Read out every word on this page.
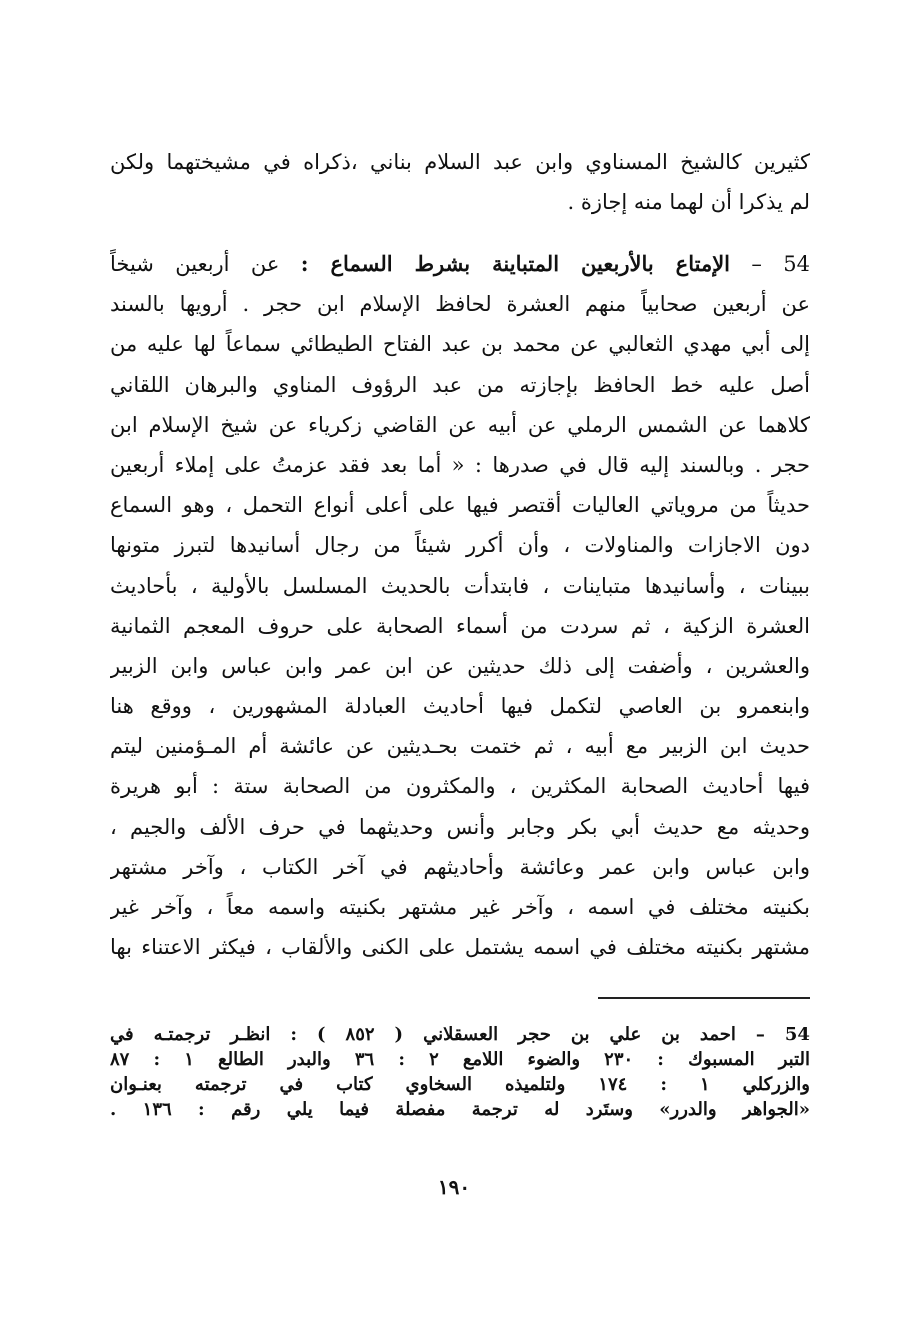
كثيرين كالشيخ المسناوي وابن عبد السلام بناني ،ذكراه في مشيختهما ولكن
لم يذكرا أن لهما منه إجازة .
54 – الإمتاع بالأربعين المتباينة بشرط السماع : عن أربعين شيخاً
عن أربعين صحابياً منهم العشرة لحافظ الإسلام ابن حجر . أرويها بالسند
إلى أبي مهدي الثعالبي عن محمد بن عبد الفتاح الطيطائي سماعاً لها عليه من
أصل عليه خط الحافظ بإجازته من عبد الرؤوف المناوي والبرهان اللقاني
كلاهما عن الشمس الرملي عن أبيه عن القاضي زكرياء عن شيخ الإسلام ابن
حجر . وبالسند إليه قال في صدرها : « أما بعد فقد عزمتُ على إملاء أربعين
حديثاً من مروياتي العاليات أقتصر فيها على أعلى أنواع التحمل ، وهو السماع
دون الاجازات والمناولات ، وأن أكرر شيئاً من رجال أسانيدها لتبرز متونها
ببينات ، وأسانيدها متباينات ، فابتدأت بالحديث المسلسل بالأولية ، بأحاديث
العشرة الزكية ، ثم سردت من أسماء الصحابة على حروف المعجم الثمانية
والعشرين ، وأضفت إلى ذلك حديثين عن ابن عمر وابن عباس وابن الزبير
وابنعمرو بن العاصي لتكمل فيها أحاديث العبادلة المشهورين ، ووقع هنا
حديث ابن الزبير مع أبيه ، ثم ختمت بحـديثين عن عائشة أم المـؤمنين ليتم
فيها أحاديث الصحابة المكثرين ، والمكثرون من الصحابة ستة : أبو هريرة
وحديثه مع حديث أبي بكر وجابر وأنس وحديثهما في حرف الألف والجيم ،
وابن عباس وابن عمر وعائشة وأحاديثهم في آخر الكتاب ، وآخر مشتهر
بكنيته مختلف في اسمه ، وآخر غير مشتهر بكنيته واسمه معاً ، وآخر غير
مشتهر بكنيته مختلف في اسمه يشتمل على الكنى والألقاب ، فيكثر الاعتناء بها
54 – احمد بن علي بن حجر العسقلاني ( ٨٥٢ ) : انظـر ترجمتـه في
التبر المسبوك : ٢٣٠ والضوء اللامع ٢ : ٣٦ والبدر الطالع ١ : ٨٧
والزركلي ١ : ١٧٤ ولتلميذه السخاوي كتاب في ترجمته بعنـوان
«الجواهر والدرر» وستَرد له ترجمة مفصلة فيما يلي رقم : ١٣٦ .
١٩٠
